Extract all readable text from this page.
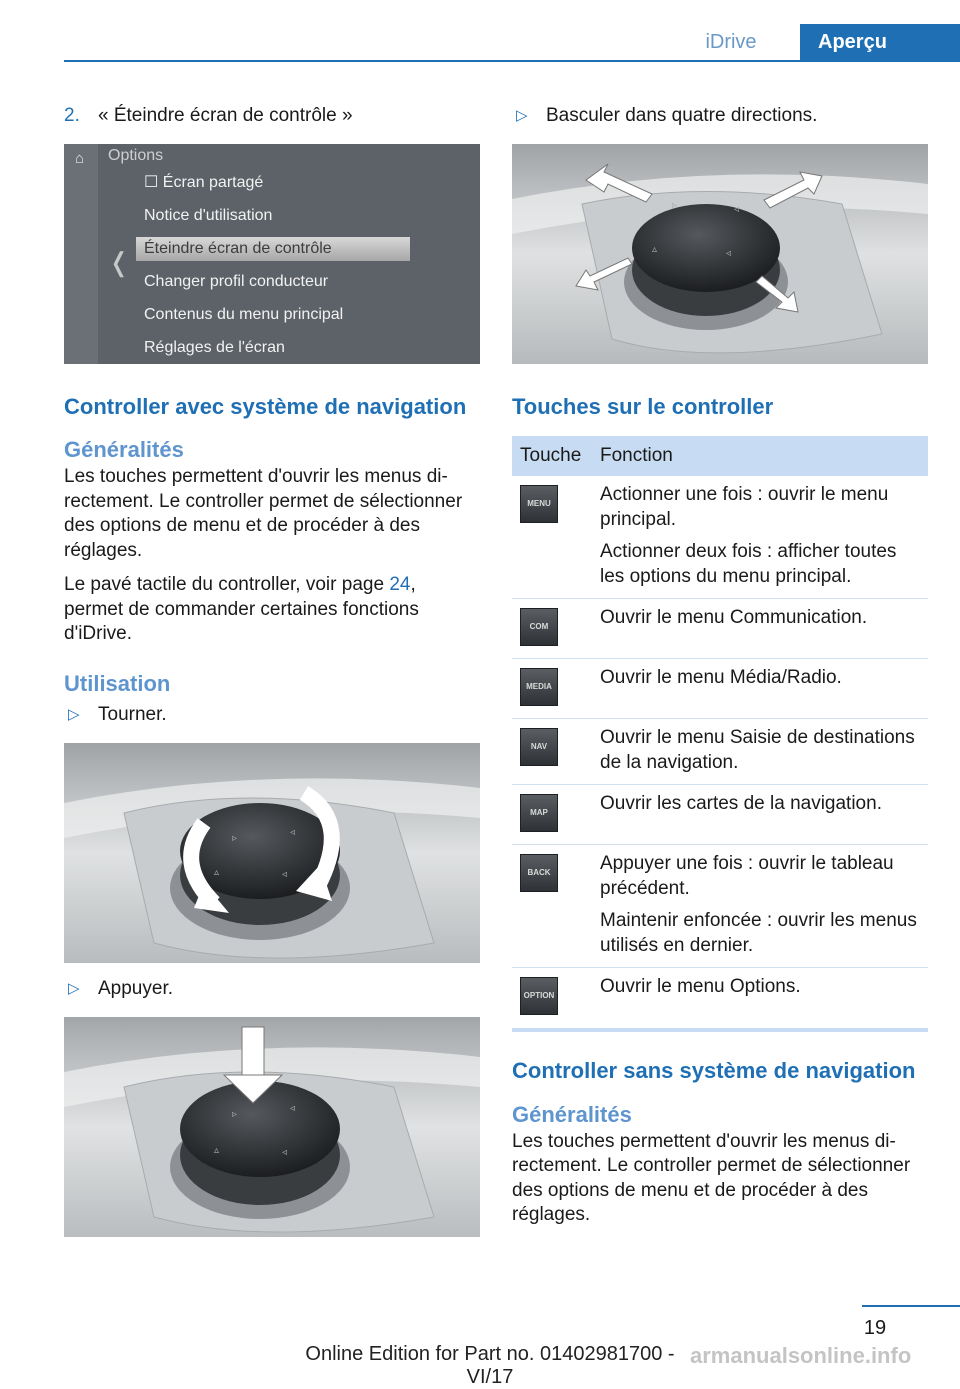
iDrive	Aperçu
2. « Éteindre écran de contrôle »
⌂
❬
Options
☐ Écran partagé
Notice d'utilisation
Éteindre écran de contrôle
Changer profil conducteur
Contenus du menu principal
Réglages de l'écran
Controller avec système de navigation
Généralités

Les touches permettent d'ouvrir les menus directement. Le controller permet de sélectionner des options de menu et de procéder à des réglages.

Le pavé tactile du controller, voir page 24, permet de commander certaines fonctions d'iDrive.

Utilisation
▷ Tourner.
▹
◃
▵	◃
▷ Appuyer.
▹
◃
▵	◃
▷ Basculer dans quatre directions.
▹	◃
▵	◃
Touches sur le controller
Touche	Fonction

MENU	Actionner une fois : ouvrir le menu principal.
Actionner deux fois : afficher toutes les options du menu principal.

COM	Ouvrir le menu Communication.

MEDIA	Ouvrir le menu Média/Radio.

NAV	Ouvrir le menu Saisie de destinations de la navigation.

MAP	Ouvrir les cartes de la navigation.

BACK	Appuyer une fois : ouvrir le tableau précédent.
Maintenir enfoncée : ouvrir les menus utilisés en dernier.

OPTION	Ouvrir le menu Options.
Controller sans système de navigation
Généralités

Les touches permettent d'ouvrir les menus directement. Le controller permet de sélectionner des options de menu et de procéder à des réglages.

19
Online Edition for Part no. 01402981700 - VI/17
armanualsonline.info
